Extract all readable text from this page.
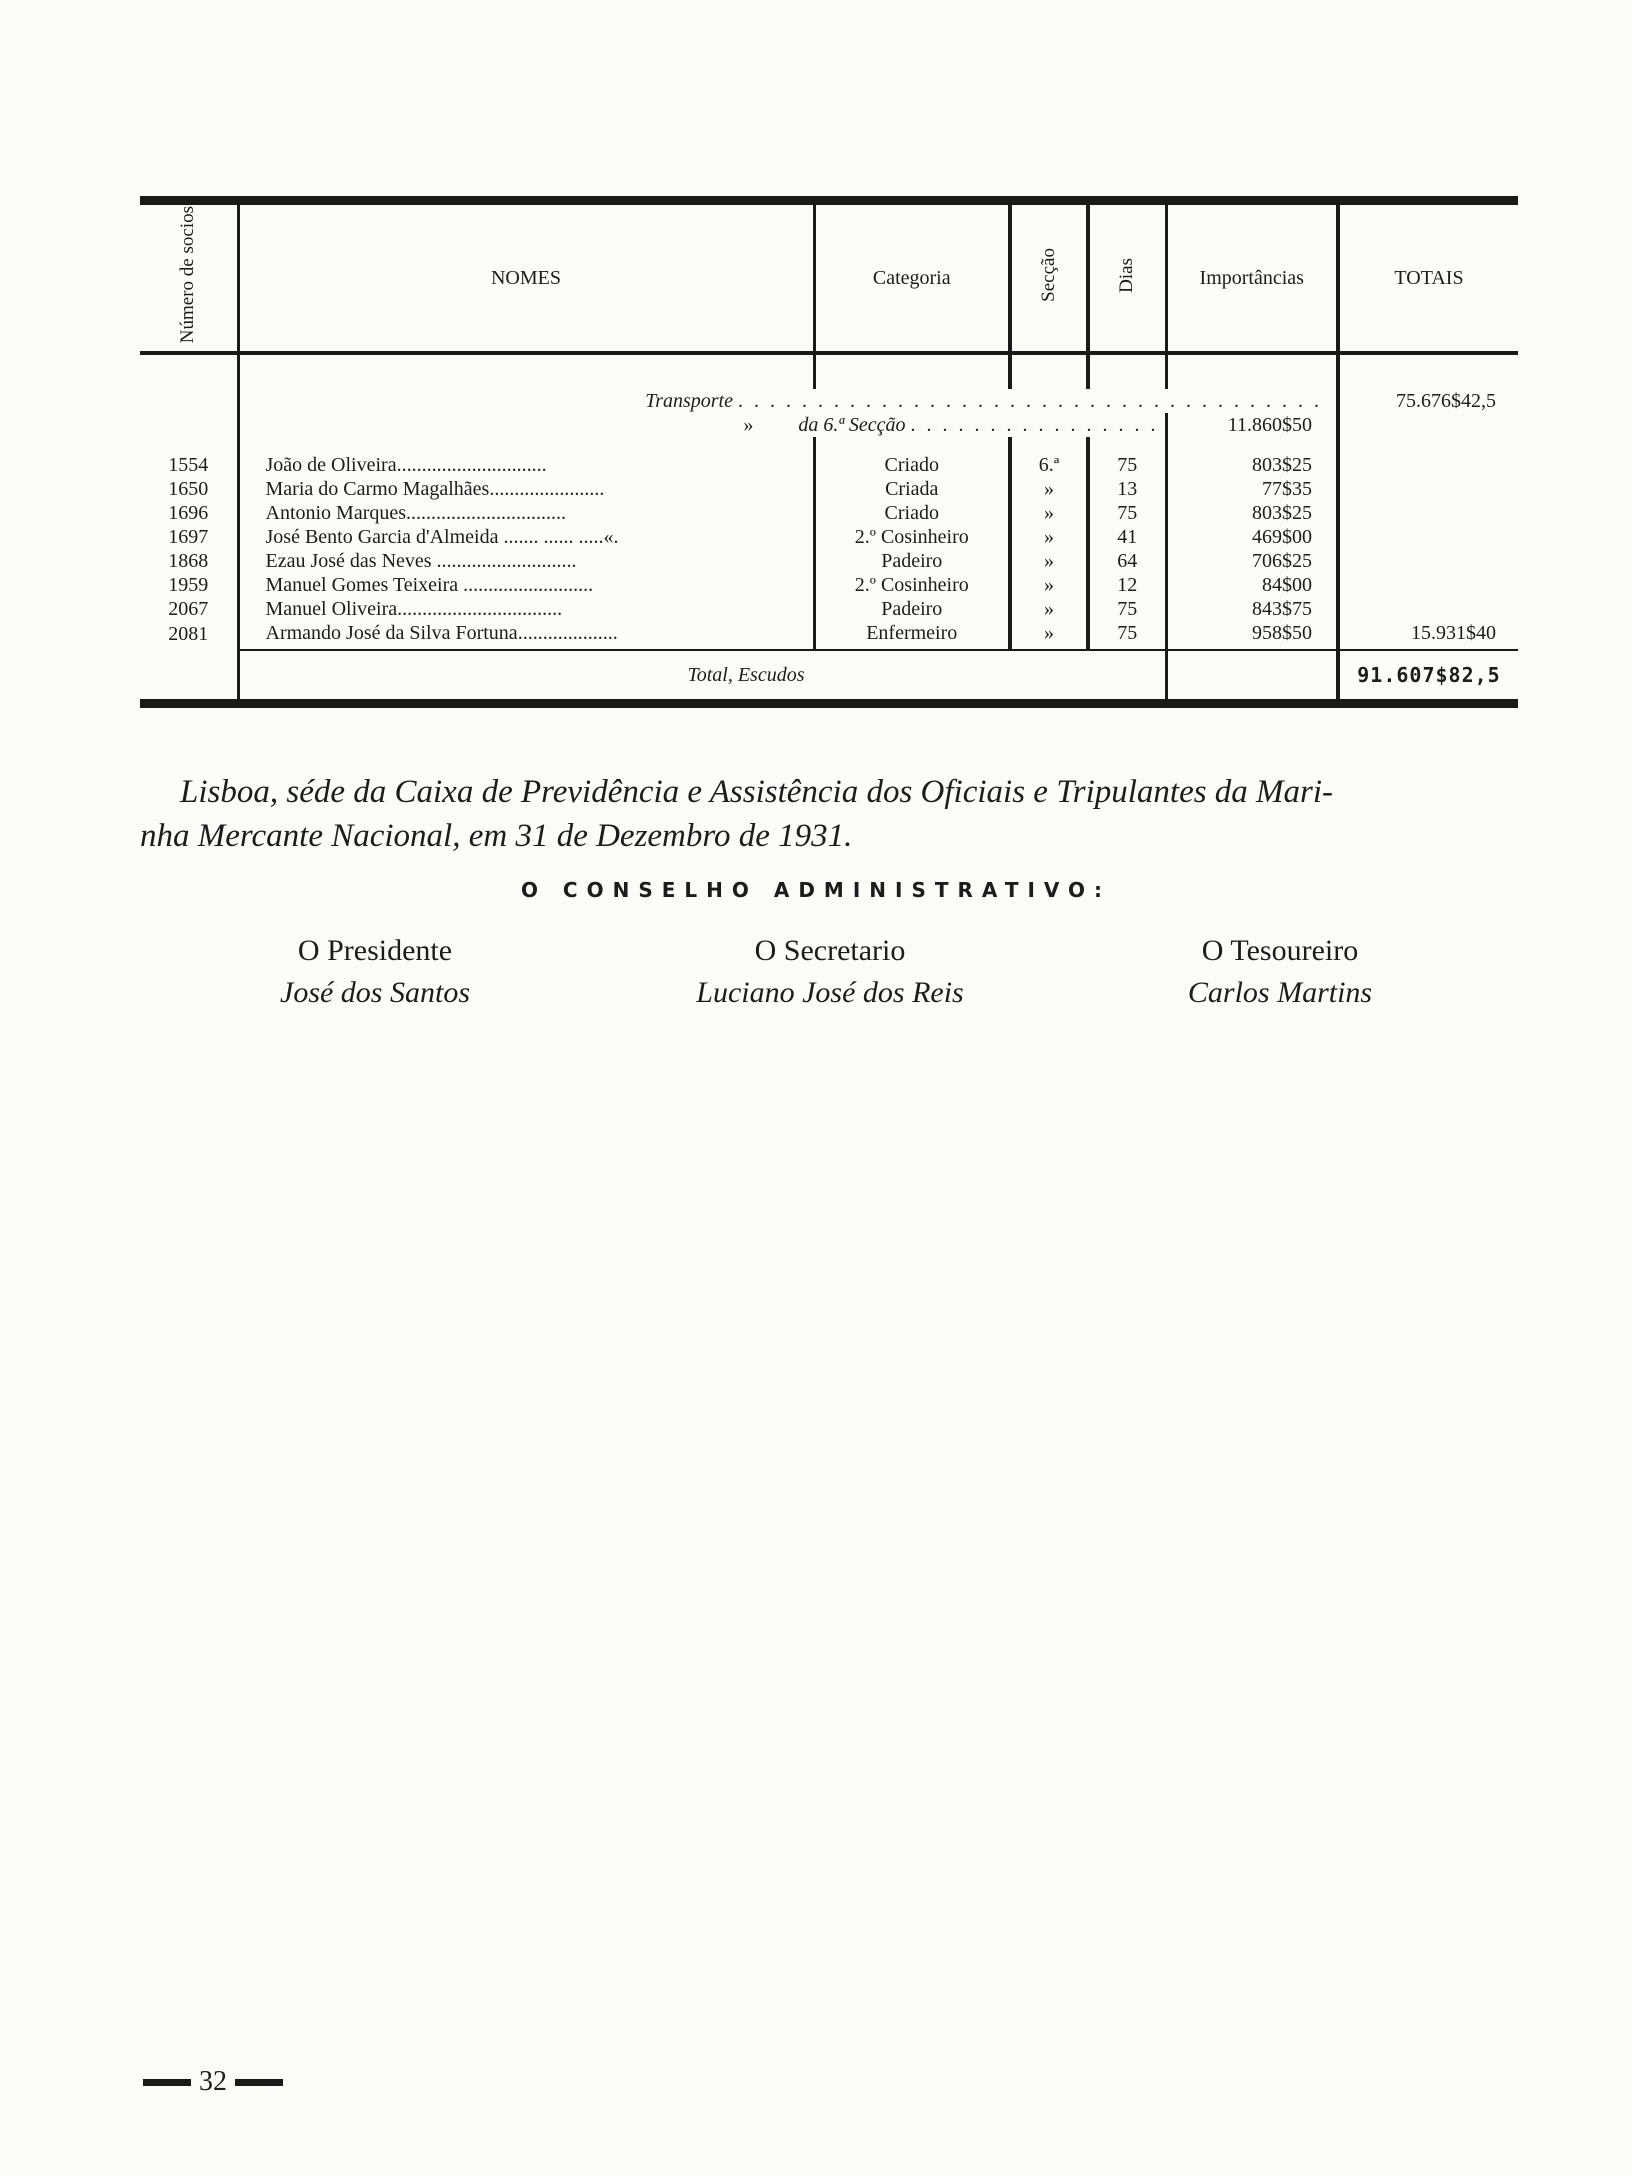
Número de socios	NOMES	Categoria	Secção	Dias	Importâncias	TOTAIS

	Transporte . . . . . . . . . . . . . . . . . . . . . . . . . . . . . . . . . . . . .					75.676$42,5
	» da 6.ª Secção . . . . . . . . . . . . . . . .				11.860$50	
1554	João de Oliveira..............................	Criado	6.ª	75	803$25	
1650	Maria do Carmo Magalhães.......................	Criada	»	13	77$35	
1696	Antonio Marques................................	Criado	»	75	803$25	
1697	José Bento Garcia d'Almeida ....... ...... .....«.	2.º Cosinheiro	»	41	469$00	
1868	Ezau José das Neves ............................	Padeiro	»	64	706$25	
1959	Manuel Gomes Teixeira ..........................	2.º Cosinheiro	»	12	84$00	
2067	Manuel Oliveira.................................	Padeiro	»	75	843$75	
2081	Armando José da Silva Fortuna....................	Enfermeiro	»	75	958$50	15.931$40
	Total, Escudos					91.607$82,5

Lisboa, séde da Caixa de Previdência e Assistência dos Oficiais e Tripulantes da Mari-
nha Mercante Nacional, em 31 de Dezembro de 1931.

O CONSELHO ADMINISTRATIVO:
O Presidente
José dos Santos
O Secretario
Luciano José dos Reis
O Tesoureiro
Carlos Martins
32
